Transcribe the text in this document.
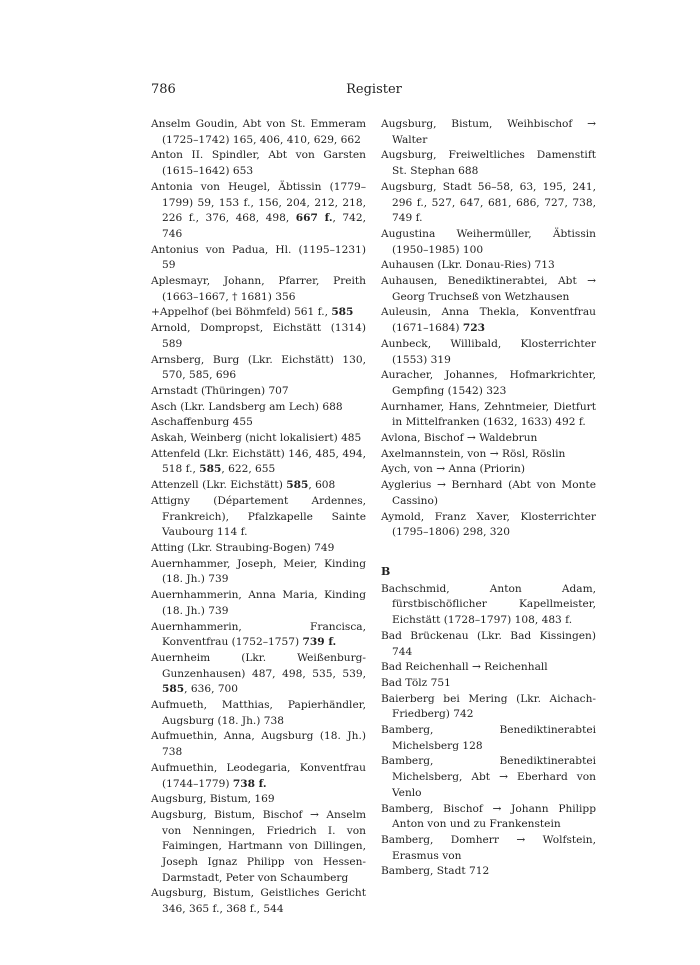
786	Register

Anselm Goudin, Abt von St. Emmeram (1725–1742) 165, 406, 410, 629, 662

Anton II. Spindler, Abt von Garsten (1615–1642) 653

Antonia von Heugel, Äbtissin (1779–1799) 59, 153 f., 156, 204, 212, 218, 226 f., 376, 468, 498, 667 f., 742, 746

Antonius von Padua, Hl. (1195–1231) 59

Aplesmayr, Johann, Pfarrer, Preith (1663–1667, † 1681) 356

+Appelhof (bei Böhmfeld) 561 f., 585

Arnold, Dompropst, Eichstätt (1314) 589

Arnsberg, Burg (Lkr. Eichstätt) 130, 570, 585, 696

Arnstadt (Thüringen) 707

Asch (Lkr. Landsberg am Lech) 688

Aschaffenburg 455

Askah, Weinberg (nicht lokalisiert) 485

Attenfeld (Lkr. Eichstätt) 146, 485, 494, 518 f., 585, 622, 655

Attenzell (Lkr. Eichstätt) 585, 608

Attigny (Département Ardennes, Frankreich), Pfalzkapelle Sainte Vaubourg 114 f.

Atting (Lkr. Straubing-Bogen) 749

Auernhammer, Joseph, Meier, Kinding (18. Jh.) 739

Auernhammerin, Anna Maria, Kinding (18. Jh.) 739

Auernhammerin, Francisca, Konventfrau (1752–1757) 739 f.

Auernheim (Lkr. Weißenburg-Gunzenhausen) 487, 498, 535, 539, 585, 636, 700

Aufmueth, Matthias, Papierhändler, Augsburg (18. Jh.) 738

Aufmuethin, Anna, Augsburg (18. Jh.) 738

Aufmuethin, Leodegaria, Konventfrau (1744–1779) 738 f.

Augsburg, Bistum, 169

Augsburg, Bistum, Bischof → Anselm von Nenningen, Friedrich I. von Faimingen, Hartmann von Dillingen, Joseph Ignaz Philipp von Hessen-Darmstadt, Peter von Schaumberg

Augsburg, Bistum, Geistliches Gericht 346, 365 f., 368 f., 544

Augsburg, Bistum, Weihbischof → Walter

Augsburg, Freiweltliches Damenstift St. Stephan 688

Augsburg, Stadt 56–58, 63, 195, 241, 296 f., 527, 647, 681, 686, 727, 738, 749 f.

Augustina Weihermüller, Äbtissin (1950–1985) 100

Auhausen (Lkr. Donau-Ries) 713

Auhausen, Benediktinerabtei, Abt → Georg Truchseß von Wetzhausen

Auleusin, Anna Thekla, Konventfrau (1671–1684) 723

Aunbeck, Willibald, Klosterrichter (1553) 319

Auracher, Johannes, Hofmarkrichter, Gempfing (1542) 323

Aurnhamer, Hans, Zehntmeier, Dietfurt in Mittelfranken (1632, 1633) 492 f.

Avlona, Bischof → Waldebrun

Axelmannstein, von → Rösl, Röslin

Aych, von → Anna (Priorin)

Ayglerius → Bernhard (Abt von Monte Cassino)

Aymold, Franz Xaver, Klosterrichter (1795–1806) 298, 320

B

Bachschmid, Anton Adam, fürstbischöflicher Kapellmeister, Eichstätt (1728–1797) 108, 483 f.

Bad Brückenau (Lkr. Bad Kissingen) 744

Bad Reichenhall → Reichenhall

Bad Tölz 751

Baierberg bei Mering (Lkr. Aichach-Friedberg) 742

Bamberg, Benediktinerabtei Michelsberg 128

Bamberg, Benediktinerabtei Michelsberg, Abt → Eberhard von Venlo

Bamberg, Bischof → Johann Philipp Anton von und zu Frankenstein

Bamberg, Domherr → Wolfstein, Erasmus von

Bamberg, Stadt 712
